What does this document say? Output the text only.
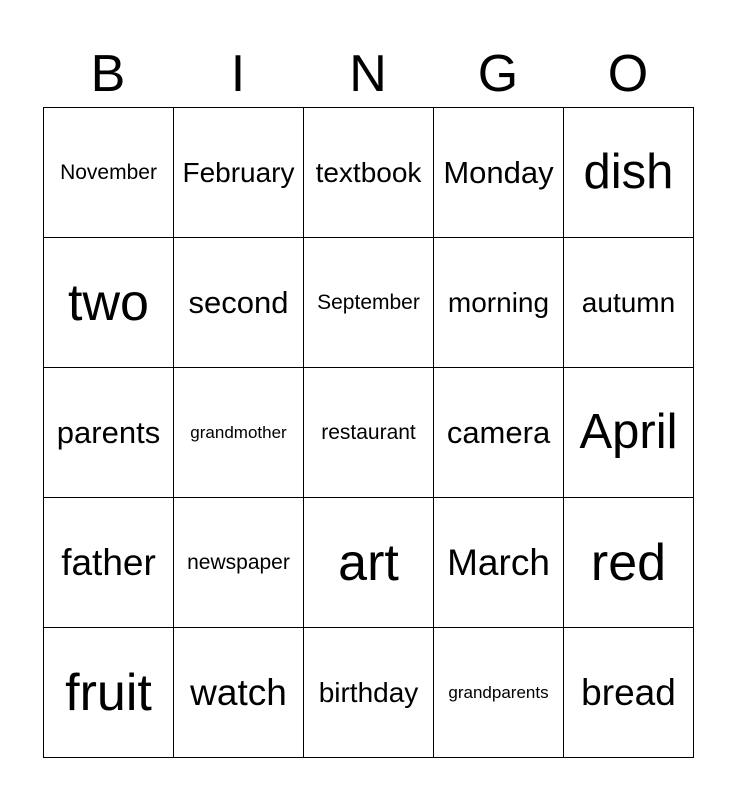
B	I	N	G	O
November February textbook Monday dish
two second September morning autumn
parents grandmother restaurant camera April
father newspaper art March red
fruit watch birthday grandparents bread
